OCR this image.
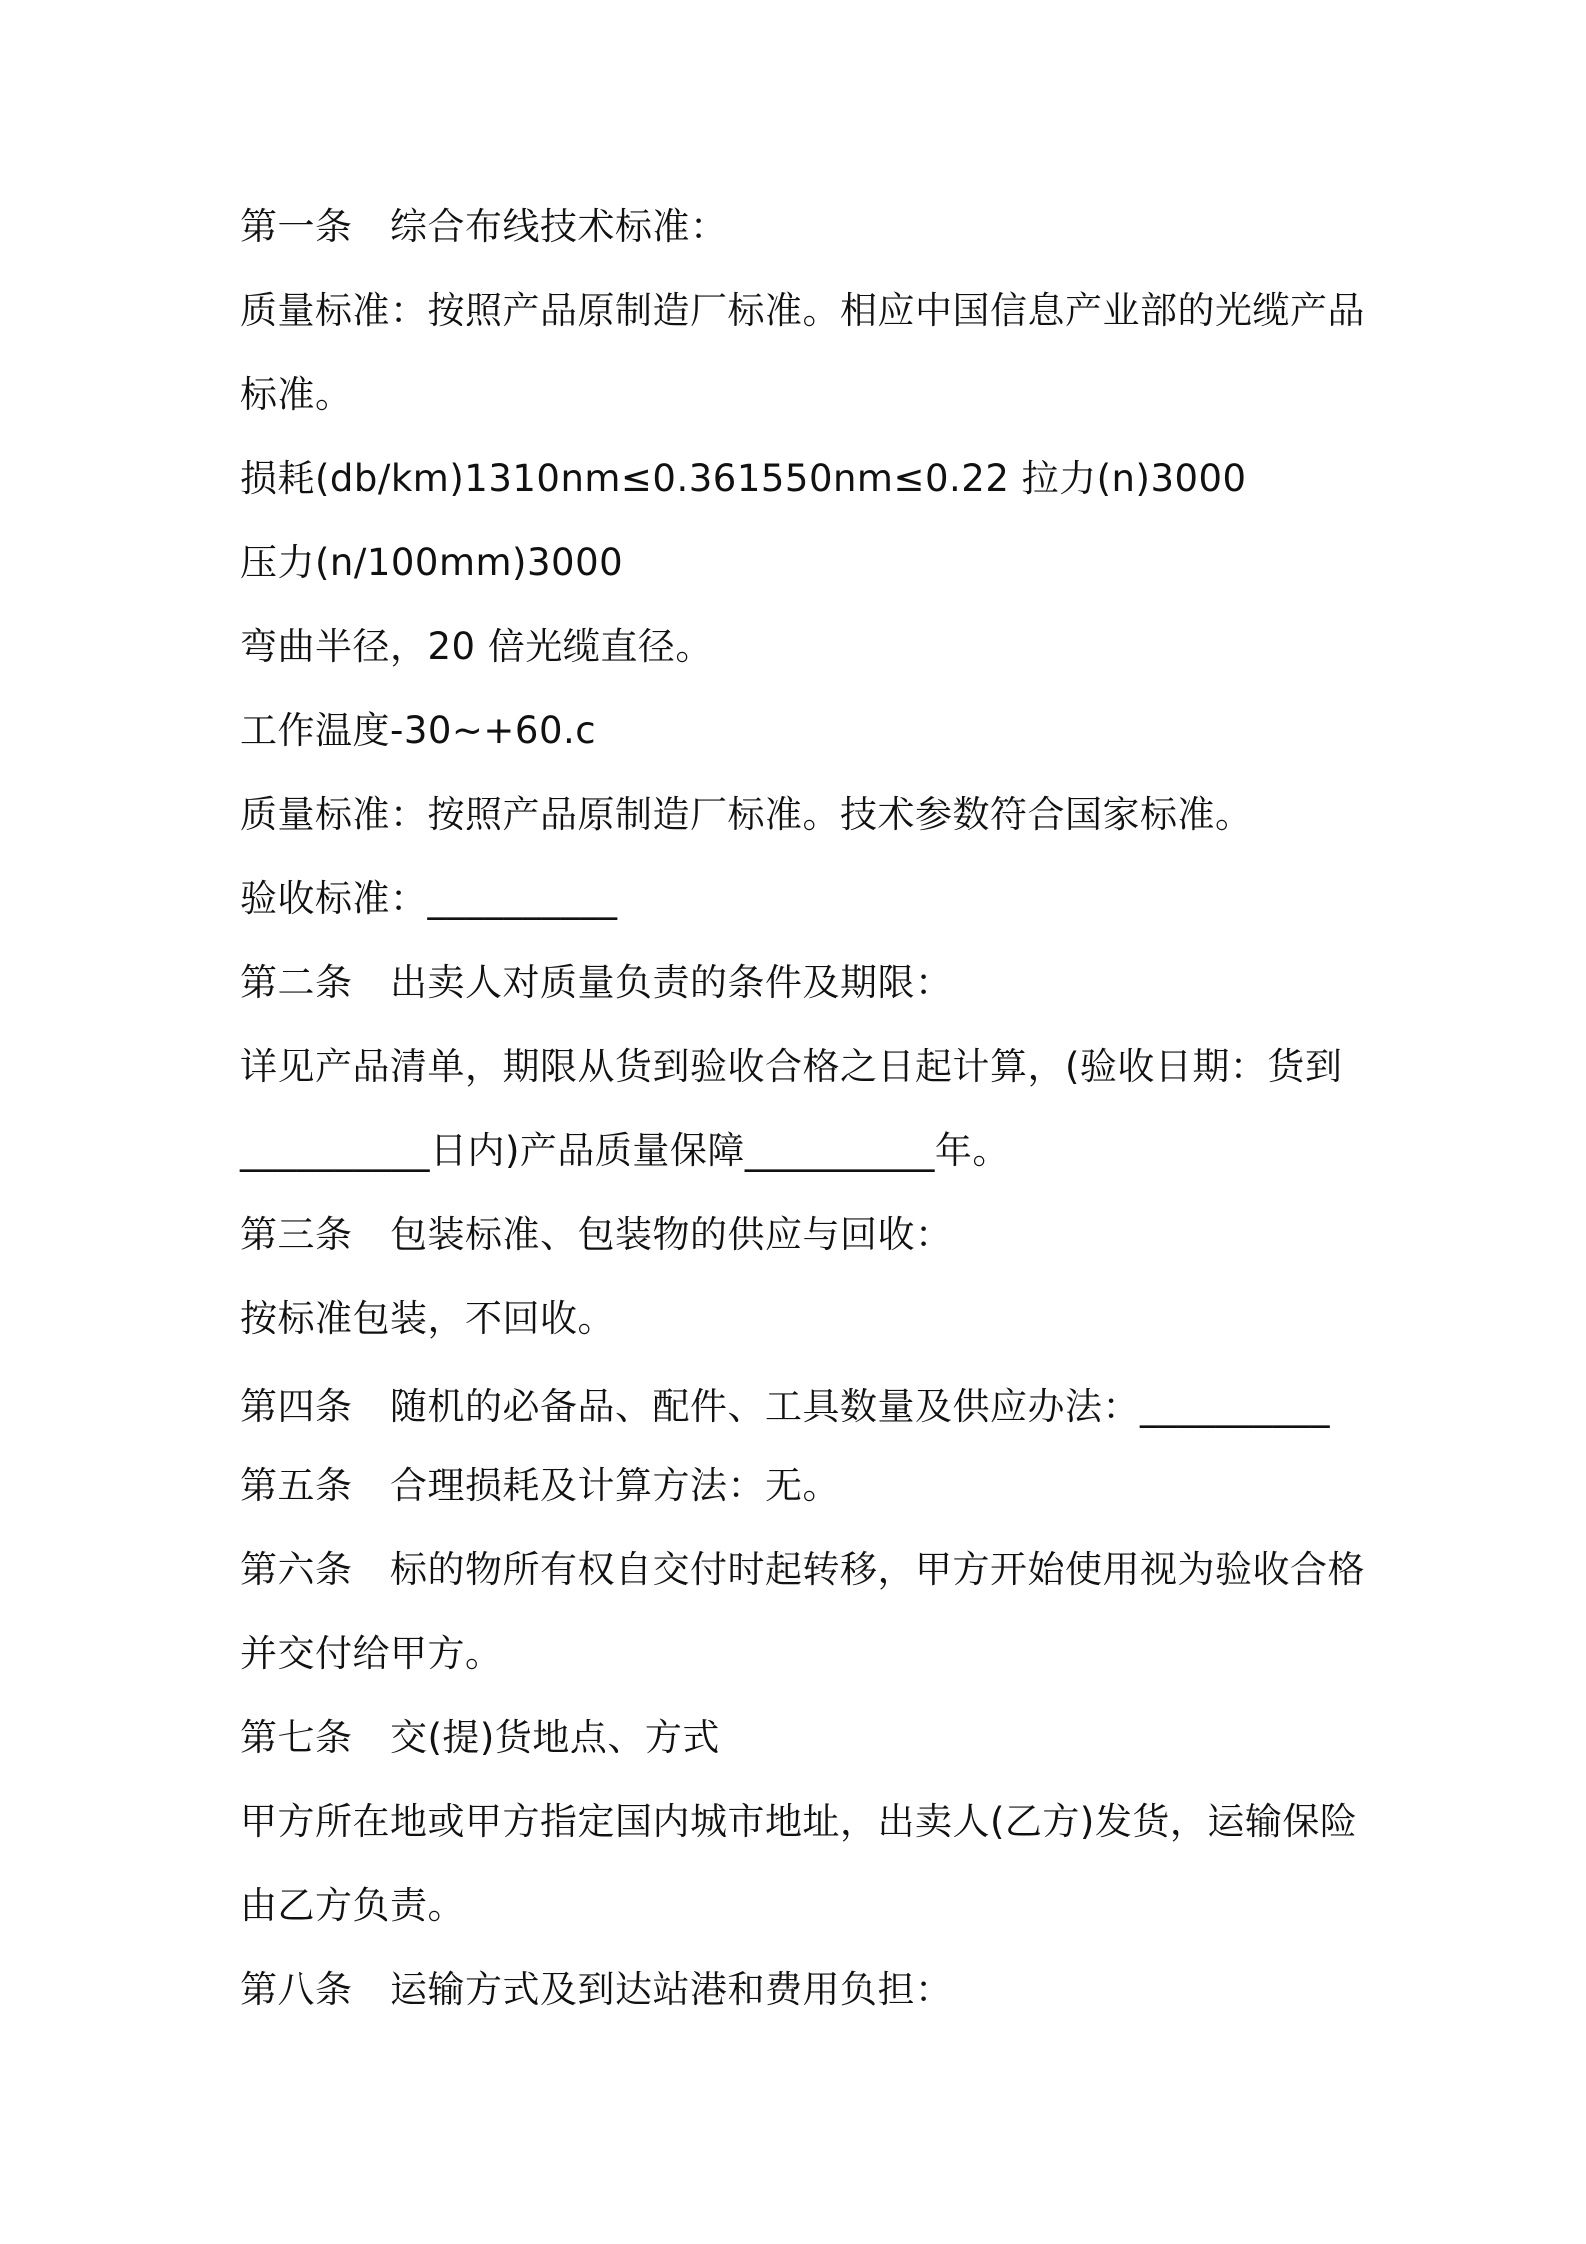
第一条 综合布线技术标准：
质量标准：按照产品原制造厂标准。相应中国信息产业部的光缆产品
标准。
损耗(db/km)1310nm≤0.361550nm≤0.22 拉力(n)3000
压力(n/100mm)3000
弯曲半径，20 倍光缆直径。
工作温度-30~+60.c
质量标准：按照产品原制造厂标准。技术参数符合国家标准。
验收标准：__________
第二条 出卖人对质量负责的条件及期限：
详见产品清单，期限从货到验收合格之日起计算，(验收日期：货到
__________日内)产品质量保障__________年。
第三条 包装标准、包装物的供应与回收：
按标准包装，不回收。
第四条 随机的必备品、配件、工具数量及供应办法：__________
第五条 合理损耗及计算方法：无。
第六条 标的物所有权自交付时起转移，甲方开始使用视为验收合格
并交付给甲方。
第七条 交(提)货地点、方式
甲方所在地或甲方指定国内城市地址，出卖人(乙方)发货，运输保险
由乙方负责。
第八条 运输方式及到达站港和费用负担：
